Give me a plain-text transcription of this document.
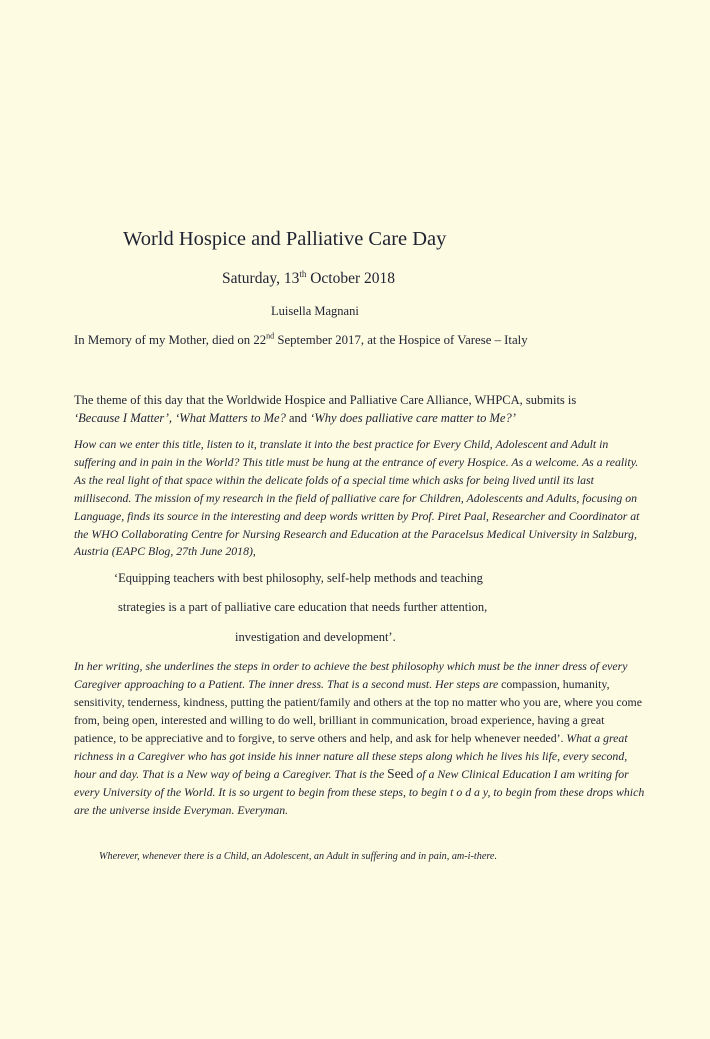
World Hospice and Palliative Care Day
Saturday, 13th October 2018
Luisella Magnani
In Memory of my Mother, died on 22nd September 2017, at the Hospice of Varese – Italy
The theme of this day that the Worldwide Hospice and Palliative Care Alliance, WHPCA, submits is
‘Because I Matter’, ‘What Matters to Me? and ‘Why does palliative care matter to Me?’
How can we enter this title, listen to it, translate it into the best practice for Every Child, Adolescent and Adult in suffering and in pain in the World? This title must be hung at the entrance of every Hospice. As a welcome. As a reality. As the real light of that space within the delicate folds of a special time which asks for being lived until its last millisecond. The mission of my research in the field of palliative care for Children, Adolescents and Adults, focusing on Language, finds its source in the interesting and deep words written by Prof. Piret Paal, Researcher and Coordinator at the WHO Collaborating Centre for Nursing Research and Education at the Paracelsus Medical University in Salzburg, Austria (EAPC Blog, 27th June 2018),
‘Equipping teachers with best philosophy, self-help methods and teaching
strategies is a part of palliative care education that needs further attention,
investigation and development’.
In her writing, she underlines the steps in order to achieve the best philosophy which must be the inner dress of every Caregiver approaching to a Patient. The inner dress. That is a second must. Her steps are compassion, humanity, sensitivity, tenderness, kindness, putting the patient/family and others at the top no matter who you are, where you come from, being open, interested and willing to do well, brilliant in communication, broad experience, having a great patience, to be appreciative and to forgive, to serve others and help, and ask for help whenever needed’. What a great richness in a Caregiver who has got inside his inner nature all these steps along which he lives his life, every second, hour and day. That is a New way of being a Caregiver. That is the Seed of a New Clinical Education I am writing for every University of the World. It is so urgent to begin from these steps, to begin t o d a y, to begin from these drops which are the universe inside Everyman. Everyman.
Wherever, whenever there is a Child, an Adolescent, an Adult in suffering and in pain, am-i-there.
